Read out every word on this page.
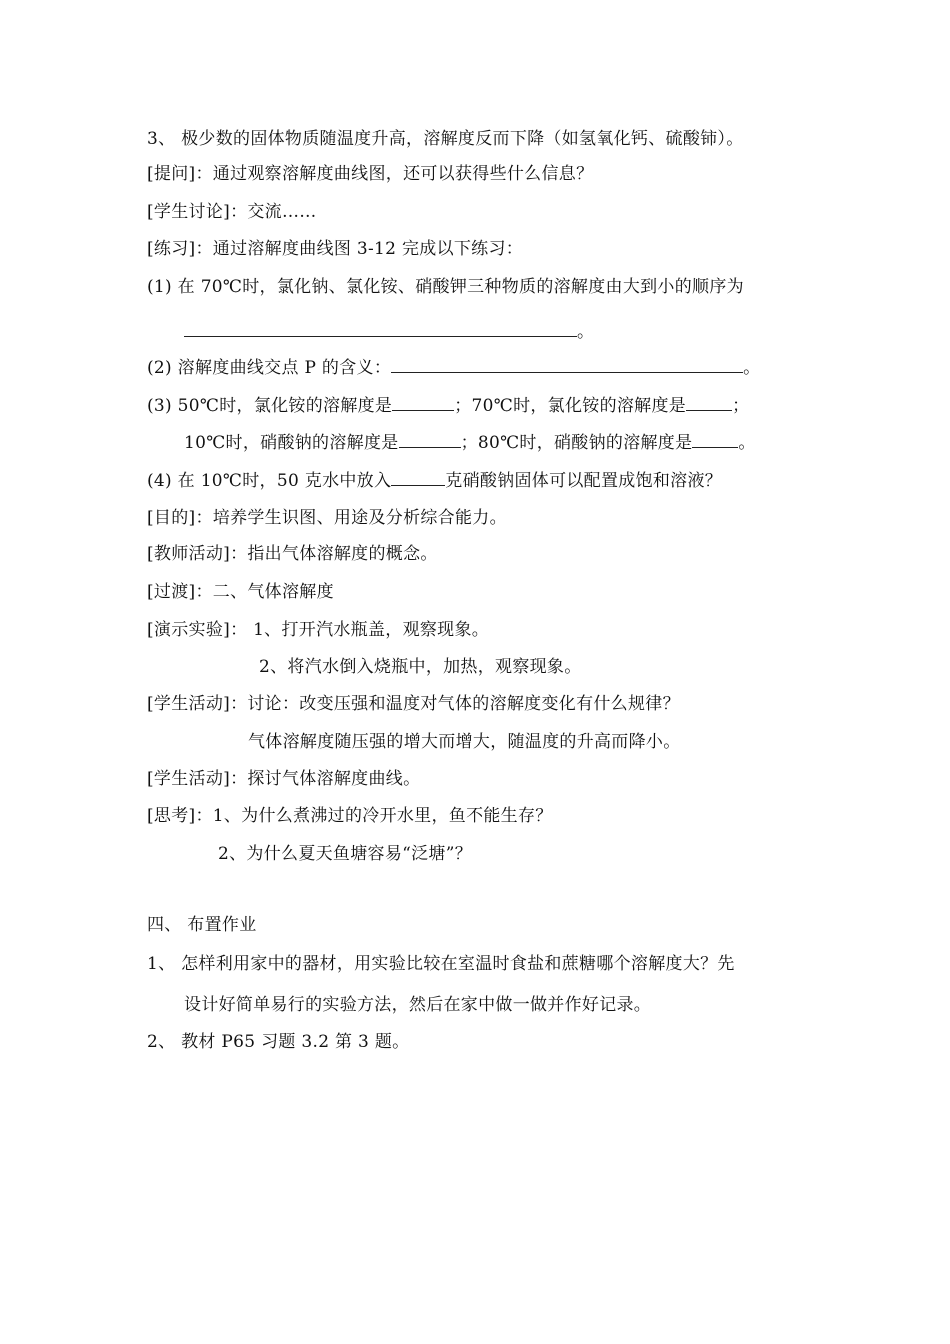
3、 极少数的固体物质随温度升高，溶解度反而下降（如氢氧化钙、硫酸铈）。
[提问]：通过观察溶解度曲线图，还可以获得些什么信息？
[学生讨论]：交流……
[练习]：通过溶解度曲线图 3-12 完成以下练习：
(1) 在 70℃时，氯化钠、氯化铵、硝酸钾三种物质的溶解度由大到小的顺序为
。
(2) 溶解度曲线交点 P 的含义：	。
(3) 50℃时，氯化铵的溶解度是	；70℃时，氯化铵的溶解度是	；
10℃时，硝酸钠的溶解度是	；80℃时，硝酸钠的溶解度是	。
(4) 在 10℃时，50 克水中放入	克硝酸钠固体可以配置成饱和溶液？
[目的]：培养学生识图、用途及分析综合能力。
[教师活动]：指出气体溶解度的概念。
[过渡]：二、气体溶解度
[演示实验]： 1、打开汽水瓶盖，观察现象。
2、将汽水倒入烧瓶中，加热，观察现象。
[学生活动]：讨论：改变压强和温度对气体的溶解度变化有什么规律？
气体溶解度随压强的增大而增大，随温度的升高而降小。
[学生活动]：探讨气体溶解度曲线。
[思考]：1、为什么煮沸过的冷开水里，鱼不能生存？
2、为什么夏天鱼塘容易“泛塘”？
四、 布置作业
1、 怎样利用家中的器材，用实验比较在室温时食盐和蔗糖哪个溶解度大？先
设计好简单易行的实验方法，然后在家中做一做并作好记录。
2、 教材 P65 习题 3.2 第 3 题。
